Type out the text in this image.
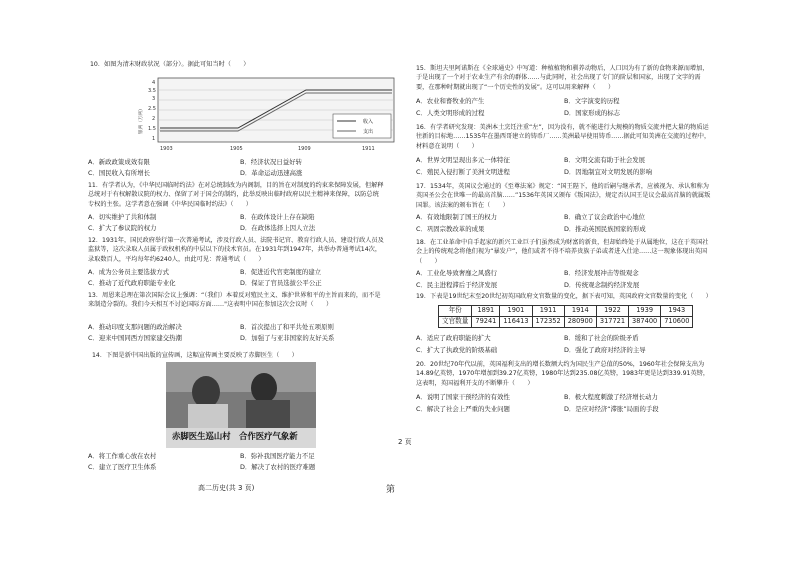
10．如图为清末财政状况（部分）。据此可知当时（　　）
4
3.5
3
2.5
2
1.5
1
1903	1905	1909	1911
银两（万两）	收入
支出
A．新政政策成效有限	B．经济状况日益好转
C．国民收入有所增长	D．革命运动迅速高涨
11．有学者认为，《中华民国临时约法》在对总统制改为内阁制，目的旨在对制度的约束来保障发展，但解释总统对于有权解散议院的权力、保留了对于国会的制约，此举反映出临时政府以民主精神来保障，以防总统专权的主张。这学者意在强调《中华民国临时约法》（　　）
A．切实维护了共和体制	B．在政体设计上存在缺陷
C．扩大了参议院的权力	D．在政体选择上因人立法
12．1931年，国民政府举行第一次普通考试，涉及行政人员、法院书记官、教育行政人员、建设行政人员及监狱等，这次录取人员属于政权机构的中层以下的技术官员。在1931年到1947年，共举办普通考试14次，录取数百人，平均每年约6240人，由此可见：普通考试（　　）
A．成为公务员主要选拔方式	B．促进近代官吏制度的建立
C．推动了近代政府职能专业化	D．保证了官员选拔公平公正
13．周恩来总理在第次国际会议上强调：“（我们）本着反对殖民主义、维护世界和平的主旨而来的，而不是来制造分裂的。我们今天相互不讨论国际方面……"这表明中国在参加这次会议时（　　）
A．推动印度支那问题的政治解决	B．首次提出了和平共处五项原则
C．迎来中国同西方国家建交热潮	D．加强了与亚非国家的友好关系
14．下图是新中国出版的宣传画，这幅宣传画主要反映了赤脚医生（　　）
赤脚医生巡山村　合作医疗气象新
A．将工作重心放在农村	B．弥补我国医疗能力不足
C．建立了医疗卫生体系	D．解决了农村的医疗难题
高二历史(共 3 页)
15．斯坦夫里阿诺斯在《全球通史》中写道：种植植物和驯养动物后，人口因为有了新的食物来源而增加，于是出现了一个对于农业生产有余的群体……与此同时，社会出现了专门的阶层和国家，出现了文字的需要，在那种时期就出现了“一个历史性的发展”。这可以用来解释（　　）
A．农业和畜牧业的产生	B．文字演变的历程
C．人类文明形成的过程	D．国家形成的标志
16．有学者研究发现：美洲本土烹饪注重“左”，因为没有，就不能进行大规模的物质交流并把大量的物质运往新的目标地……1535年在墨西哥建立的铸币厂……美洲最早使用铸币……据此可知美洲在交流的过程中，材料意在说明（　　）
A．世界文明呈现出多元一体特征	B．文明交流有助于社会发展
C．殖民入侵打断了美洲文明进程	D．因地制宜对文明发展的影响
17．1534年，英国议会通过的《至尊法案》规定：“国王陛下，他的后嗣与继承者，应被视为、承认和称为英国圣公会在世唯一的最高首脑……”1536年英国又颁布《叛国法》，规定否认国王是议会最高首脑的就属叛国罪。该法案的颁布旨在（　　）
A．有效地限制了国王的权力	B．确立了议会政治中心地位
C．巩固宗教改革的成果	D．推动英国民族国家的形成
18．在工业革命中自手起家的新兴工业巨子们虽然成为财富的新贵，但却始终处于从属地位，这在于英国社会上的传统观念将他们视为“暴发户”，他们或者不得不培养贵族子弟或者进入仕途……这一现象体现出英国（　　）
A．工业化导致奢靡之风盛行	B．经济发展冲击等级观念
C．民主进程滞后于经济发展	D．传统观念制约经济发展
19．下表是19世纪末至20世纪初英国政府文官数量的变化，据下表可知，英国政府文官数量的变化（　　）
年份	1891	1901	1911	1914	1922	1939	1943
文官数量	79241	116413	172352	280900	317721	387400	710600
A．适应了政府职能的扩大	B．缓和了社会的阶级矛盾
C．扩大了执政党的阶级基础	D．强化了政府对经济的主导
20．20世纪70年代以前，英国福利支出的增长数额大约为国民生产总值的50%，1960年社会保障支出为14.89亿英镑，1970年增加到39.27亿英镑，1980年达到235.08亿英镑，1983年更是达到339.91英镑，这表明，英国福利开支的不断攀升（　　）
A．说明了国家干预经济的有效性	B．极大程度刺激了经济增长动力
C．解决了社会上严重的失业问题	D．是应对经济“滞胀”局面的手段
2 页
第
